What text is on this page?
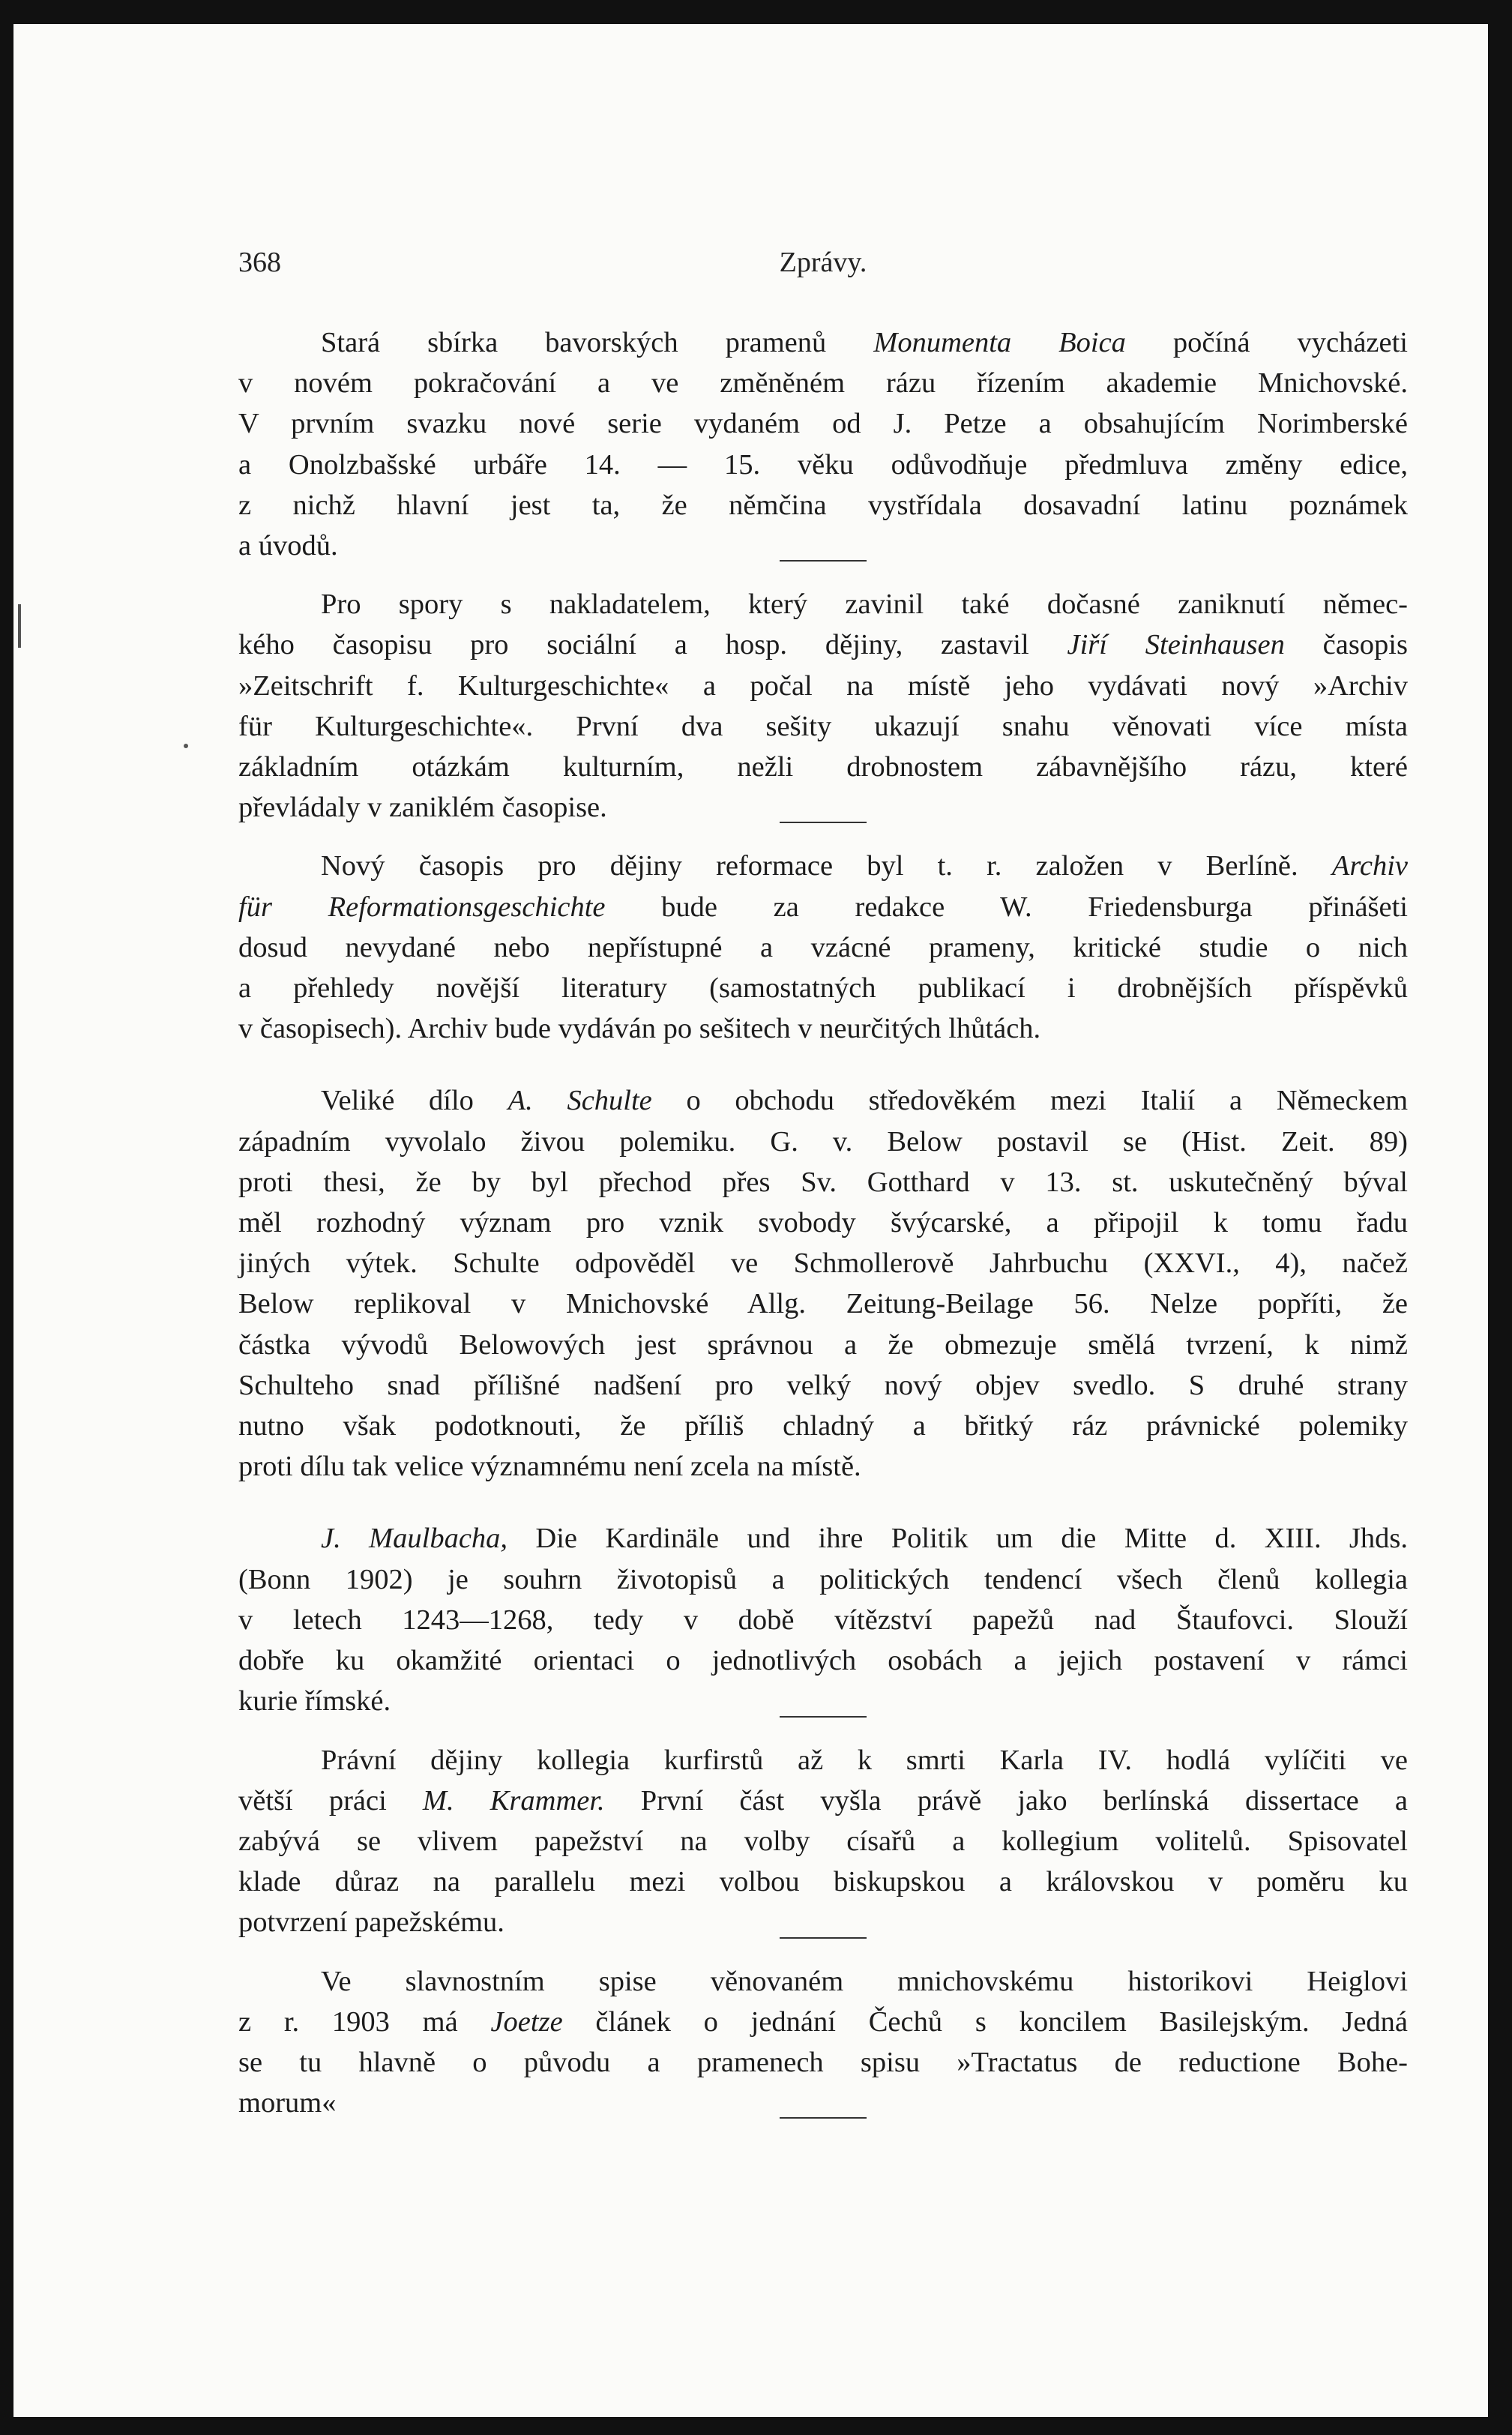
368	Zprávy.
Stará sbírka bavorských pramenů Monumenta Boica počíná vycházeti
v novém pokračování a ve změněném rázu řízením akademie Mnichovské.
V prvním svazku nové serie vydaném od J. Petze a obsahujícím Norimberské
a Onolzbašské urbáře 14. — 15. věku odůvodňuje předmluva změny edice,
z nichž hlavní jest ta, že němčina vystřídala dosavadní latinu poznámek
a úvodů.
Pro spory s nakladatelem, který zavinil také dočasné zaniknutí němec-
kého časopisu pro sociální a hosp. dějiny, zastavil Jiří Steinhausen časopis
»Zeitschrift f. Kulturgeschichte« a počal na místě jeho vydávati nový »Archiv
für Kulturgeschichte«. První dva sešity ukazují snahu věnovati více místa
základním otázkám kulturním, nežli drobnostem zábavnějšího rázu, které
převládaly v zaniklém časopise.
Nový časopis pro dějiny reformace byl t. r. založen v Berlíně. Archiv
für Reformationsgeschichte bude za redakce W. Friedensburga přinášeti
dosud nevydané nebo nepřístupné a vzácné prameny, kritické studie o nich
a přehledy novější literatury (samostatných publikací i drobnějších příspěvků
v časopisech). Archiv bude vydáván po sešitech v neurčitých lhůtách.
Veliké dílo A. Schulte o obchodu středověkém mezi Italií a Německem
západním vyvolalo živou polemiku. G. v. Below postavil se (Hist. Zeit. 89)
proti thesi, že by byl přechod přes Sv. Gotthard v 13. st. uskutečněný býval
měl rozhodný význam pro vznik svobody švýcarské, a připojil k tomu řadu
jiných výtek. Schulte odpověděl ve Schmollerově Jahrbuchu (XXVI., 4), načež
Below replikoval v Mnichovské Allg. Zeitung-Beilage 56. Nelze popříti, že
částka vývodů Belowových jest správnou a že obmezuje smělá tvrzení, k nimž
Schulteho snad přílišné nadšení pro velký nový objev svedlo. S druhé strany
nutno však podotknouti, že příliš chladný a břitký ráz právnické polemiky
proti dílu tak velice významnému není zcela na místě.
J. Maulbacha, Die Kardinäle und ihre Politik um die Mitte d. XIII. Jhds.
(Bonn 1902) je souhrn životopisů a politických tendencí všech členů kollegia
v letech 1243—1268, tedy v době vítězství papežů nad Štaufovci. Slouží
dobře ku okamžité orientaci o jednotlivých osobách a jejich postavení v rámci
kurie římské.
Právní dějiny kollegia kurfirstů až k smrti Karla IV. hodlá vylíčiti ve
větší práci M. Krammer. První část vyšla právě jako berlínská dissertace a
zabývá se vlivem papežství na volby císařů a kollegium volitelů. Spisovatel
klade důraz na parallelu mezi volbou biskupskou a královskou v poměru ku
potvrzení papežskému.
Ve slavnostním spise věnovaném mnichovskému historikovi Heiglovi
z r. 1903 má Joetze článek o jednání Čechů s koncilem Basilejským. Jedná
se tu hlavně o původu a pramenech spisu »Tractatus de reductione Bohe-
morum«
